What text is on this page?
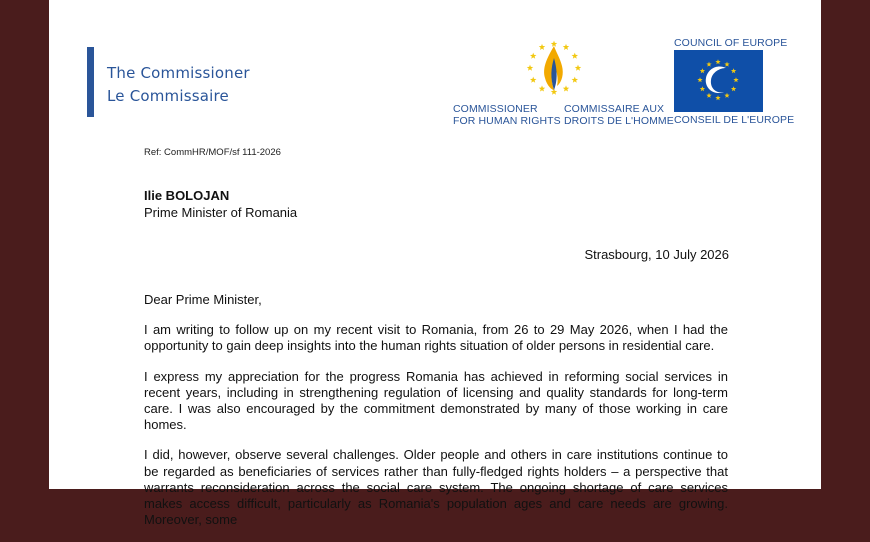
The Commissioner
Le Commissaire
COMMISSIONER
FOR HUMAN RIGHTS
COMMISSAIRE AUX
DROITS DE L'HOMME
COUNCIL OF EUROPE
CONSEIL DE L'EUROPE
Ref: CommHR/MOF/sf 111-2026
Ilie BOLOJAN
Prime Minister of Romania
Strasbourg, 10 July 2026

Dear Prime Minister,

I am writing to follow up on my recent visit to Romania, from 26 to 29 May 2026, when I had the opportunity to gain deep insights into the human rights situation of older persons in residential care.

I express my appreciation for the progress Romania has achieved in reforming social services in recent years, including in strengthening regulation of licensing and quality standards for long-term care. I was also encouraged by the commitment demonstrated by many of those working in care homes.

I did, however, observe several challenges. Older people and others in care institutions continue to be regarded as beneficiaries of services rather than fully-fledged rights holders – a perspective that warrants reconsideration across the social care system. The ongoing shortage of care services makes access difficult, particularly as Romania's population ages and care needs are growing. Moreover, some
